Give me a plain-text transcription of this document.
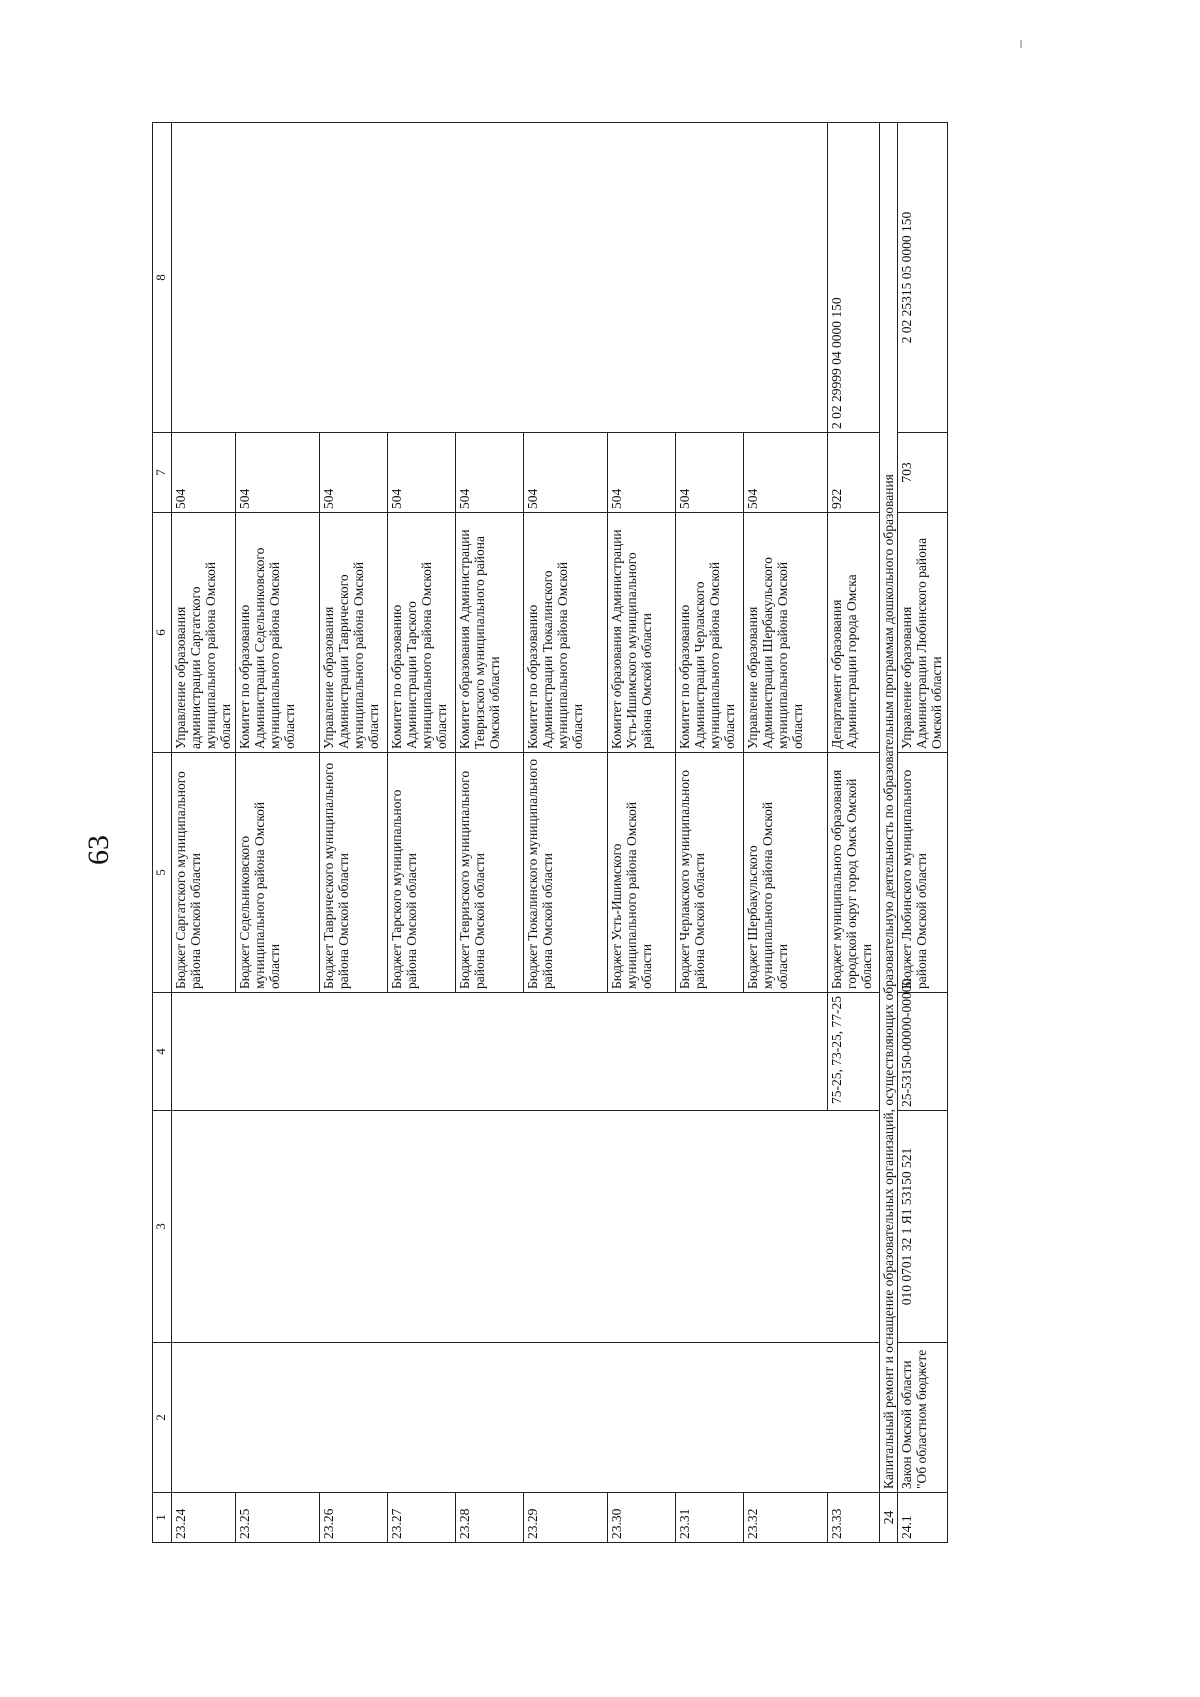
63
1	2	3	4	5	6	7	8
23.24				Бюджет Саргатского муниципального района Омской области	Управление образования администрации Саргатского муниципального района Омской области	504	
23.25				Бюджет Седельниковского муниципального района Омской области	Комитет по образованию Администрации Седельниковского муниципального района Омской области	504	
23.26				Бюджет Таврического муниципального района Омской области	Управление образования Администрации Таврического муниципального района Омской области	504	
23.27				Бюджет Тарского муниципального района Омской области	Комитет по образованию Администрации Тарского муниципального района Омской области	504	
23.28				Бюджет Тевризского муниципального района Омской области	Комитет образования Администрации Тевризского муниципального района Омской области	504	
23.29				Бюджет Тюкалинского муниципального района Омской области	Комитет по образованию Администрации Тюкалинского муниципального района Омской области	504	
23.30				Бюджет Усть-Ишимского муниципального района Омской области	Комитет образования Администрации Усть-Ишимского муниципального района Омской области	504	
23.31				Бюджет Черлакского муниципального района Омской области	Комитет по образованию Администрации Черлакского муниципального района Омской области	504	
23.32				Бюджет Шербакульского муниципального района Омской области	Управление образования Администрации Шербакульского муниципального района Омской области	504	
23.33			75-25, 73-25, 77-25	Бюджет муниципального образования городской округ город Омск Омской области	Департамент образования Администрации города Омска	922	2 02 29999 04 0000 150
24	Капитальный ремонт и оснащение образовательных организаций, осуществляющих образовательную деятельность по образовательным программам дошкольного образования						
24.1	Закон Омской области "Об областном бюджете	010 0701 32 1 Я1 53150 521	25-53150-00000-00000	Бюджет Любинского муниципального района Омской области	Управление образования Администрации Любинского района Омской области	703	2 02 25315 05 0000 150
